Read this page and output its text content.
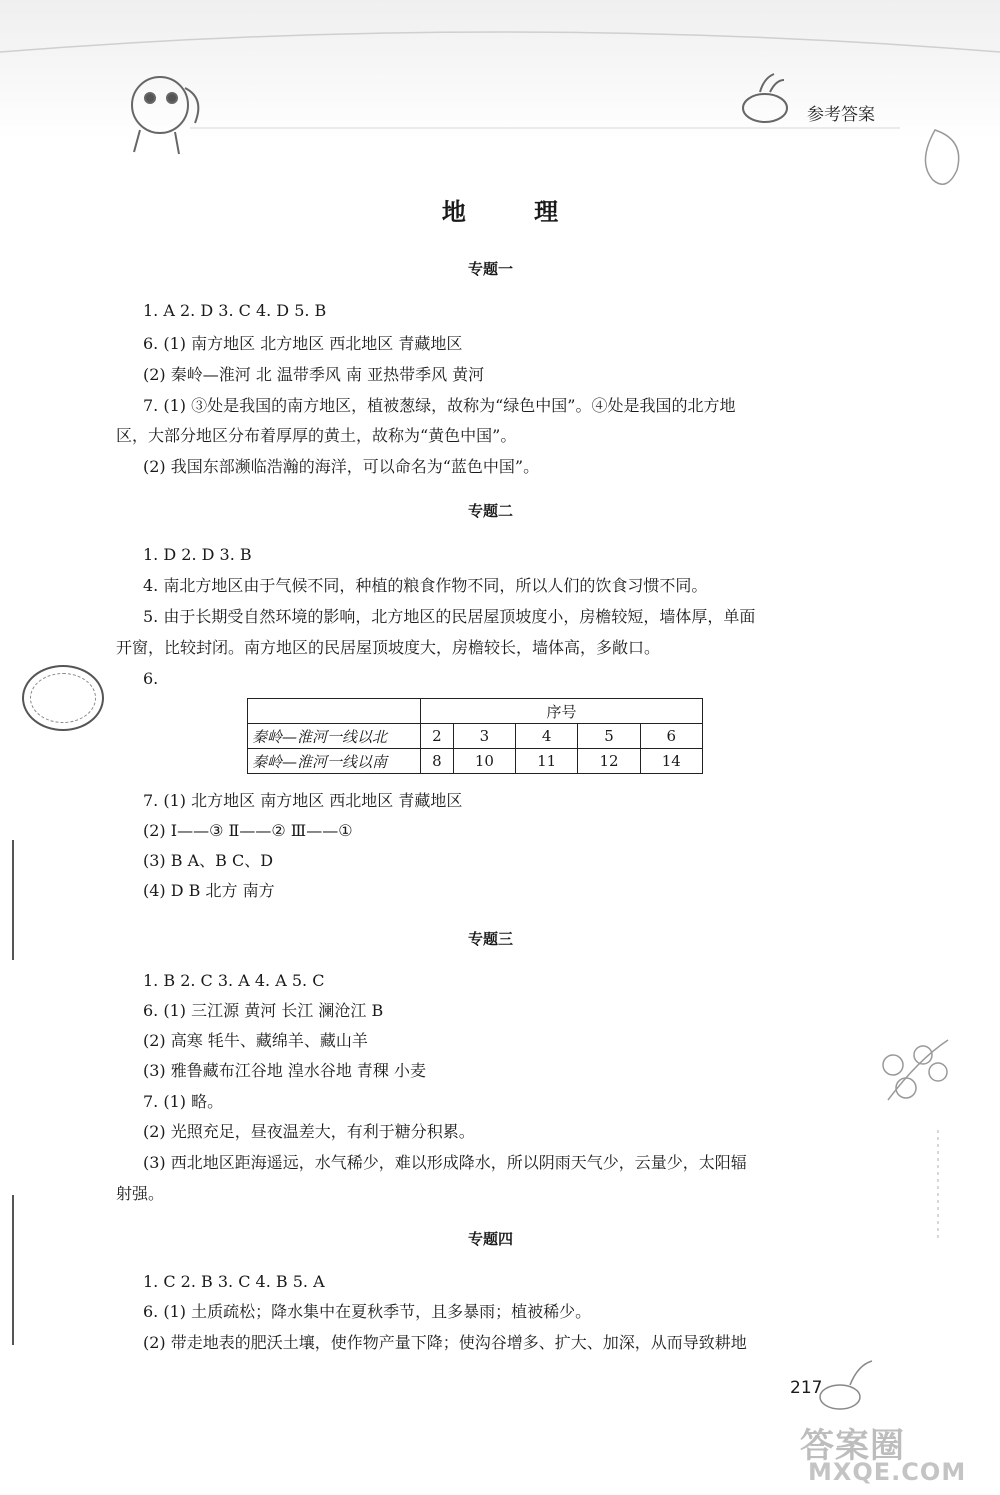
参考答案
地 理
专题一
1. A 2. D 3. C 4. D 5. B
6. (1) 南方地区 北方地区 西北地区 青藏地区
(2) 秦岭—淮河 北 温带季风 南 亚热带季风 黄河
7. (1) ③处是我国的南方地区，植被葱绿，故称为“绿色中国”。④处是我国的北方地
区，大部分地区分布着厚厚的黄土，故称为“黄色中国”。
(2) 我国东部濒临浩瀚的海洋，可以命名为“蓝色中国”。
专题二
1. D 2. D 3. B
4. 南北方地区由于气候不同，种植的粮食作物不同，所以人们的饮食习惯不同。
5. 由于长期受自然环境的影响，北方地区的民居屋顶坡度小，房檐较短，墙体厚，单面
开窗，比较封闭。南方地区的民居屋顶坡度大，房檐较长，墙体高，多敞口。
6.
7. (1) 北方地区 南方地区 西北地区 青藏地区
(2) Ⅰ——③ Ⅱ——② Ⅲ——①
(3) B A、B C、D
(4) D B 北方 南方
专题三
1. B 2. C 3. A 4. A 5. C
6. (1) 三江源 黄河 长江 澜沧江 B
(2) 高寒 牦牛、藏绵羊、藏山羊
(3) 雅鲁藏布江谷地 湟水谷地 青稞 小麦
7. (1) 略。
(2) 光照充足，昼夜温差大，有利于糖分积累。
(3) 西北地区距海遥远，水气稀少，难以形成降水，所以阴雨天气少，云量少，太阳辐
射强。
专题四
1. C 2. B 3. C 4. B 5. A
6. (1) 土质疏松；降水集中在夏秋季节，且多暴雨；植被稀少。
(2) 带走地表的肥沃土壤，使作物产量下降；使沟谷增多、扩大、加深，从而导致耕地
	序号				
秦岭—淮河一线以北	2	3	4	5	6
秦岭—淮河一线以南	8	10	11	12	14
217
答案圈
MXQE.COM
